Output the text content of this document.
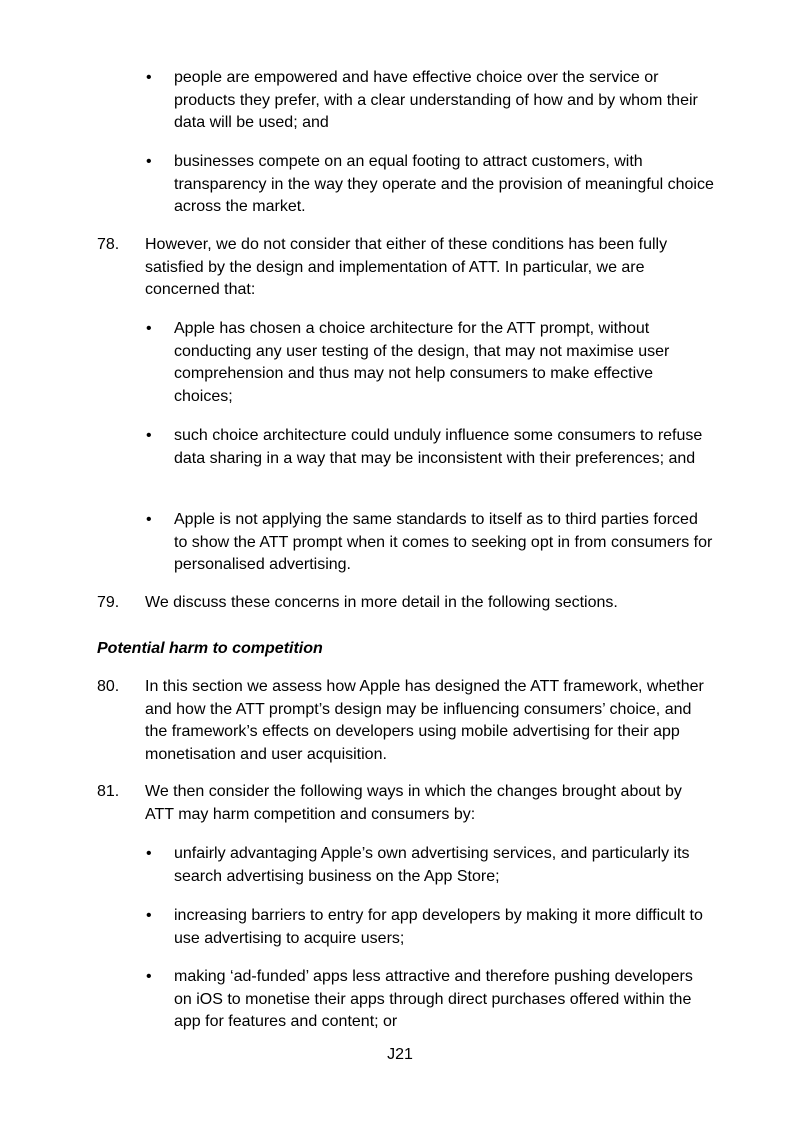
• people are empowered and have effective choice over the service or products they prefer, with a clear understanding of how and by whom their data will be used; and

• businesses compete on an equal footing to attract customers, with transparency in the way they operate and the provision of meaningful choice across the market.

78. However, we do not consider that either of these conditions has been fully satisfied by the design and implementation of ATT. In particular, we are concerned that:

• Apple has chosen a choice architecture for the ATT prompt, without conducting any user testing of the design, that may not maximise user comprehension and thus may not help consumers to make effective choices;

• such choice architecture could unduly influence some consumers to refuse data sharing in a way that may be inconsistent with their preferences; and

• Apple is not applying the same standards to itself as to third parties forced to show the ATT prompt when it comes to seeking opt in from consumers for personalised advertising.

79. We discuss these concerns in more detail in the following sections.

Potential harm to competition

80. In this section we assess how Apple has designed the ATT framework, whether and how the ATT prompt’s design may be influencing consumers’ choice, and the framework’s effects on developers using mobile advertising for their app monetisation and user acquisition.

81. We then consider the following ways in which the changes brought about by ATT may harm competition and consumers by:

• unfairly advantaging Apple’s own advertising services, and particularly its search advertising business on the App Store;

• increasing barriers to entry for app developers by making it more difficult to use advertising to acquire users;

• making ‘ad-funded’ apps less attractive and therefore pushing developers on iOS to monetise their apps through direct purchases offered within the app for features and content; or

J21
